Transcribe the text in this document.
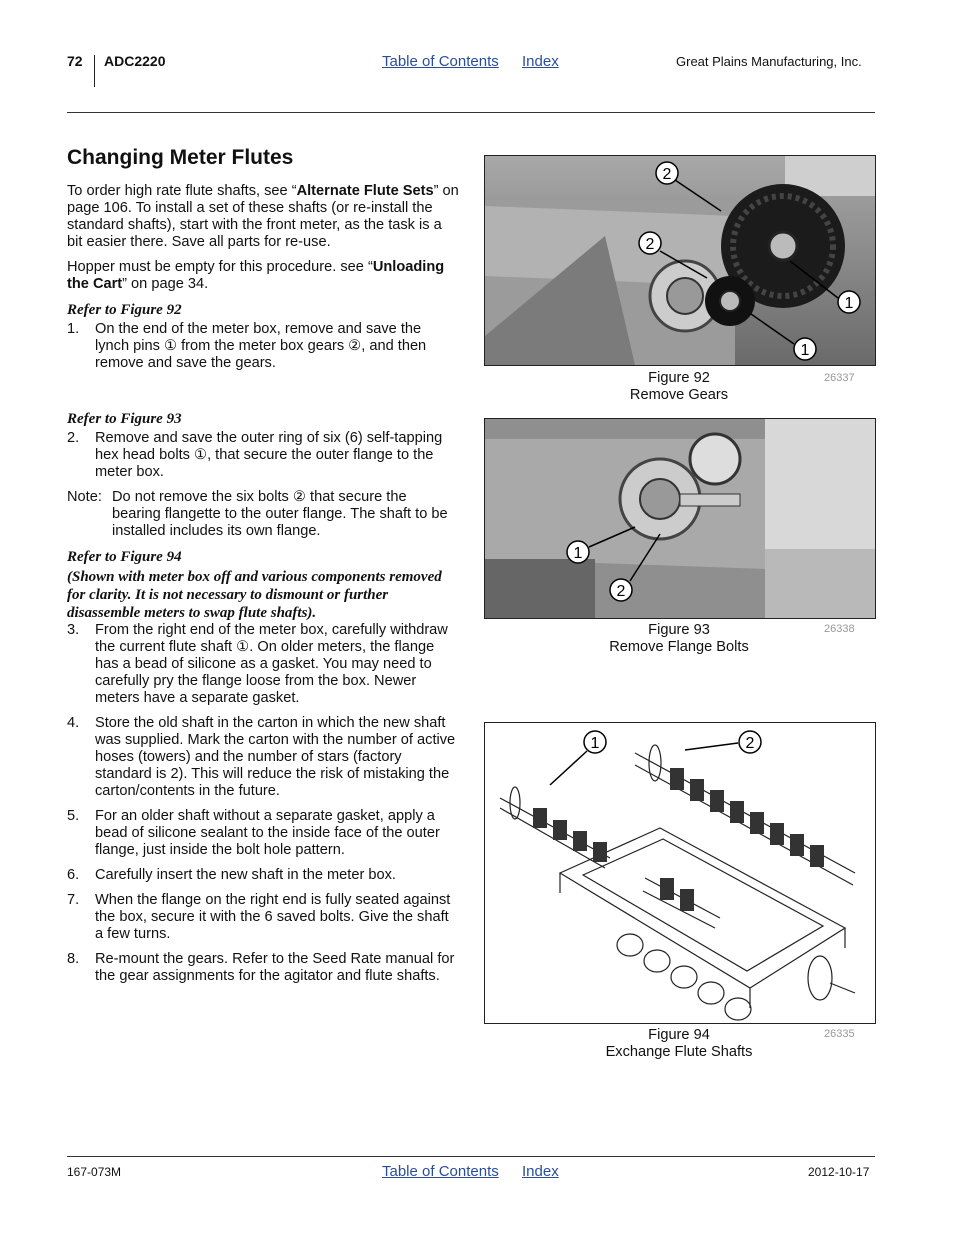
72 ADC2220	Table of Contents Index	Great Plains Manufacturing, Inc.
Changing Meter Flutes

To order high rate flute shafts, see “Alternate Flute Sets” on page 106. To install a set of these shafts (or re-install the standard shafts), start with the front meter, as the task is a bit easier there. Save all parts for re-use.

Hopper must be empty for this procedure. see “Unloading the Cart” on page 34.

Refer to Figure 92
1. On the end of the meter box, remove and save the lynch pins ① from the meter box gears ②, and then remove and save the gears.
Refer to Figure 93
2. Remove and save the outer ring of six (6) self-tapping hex head bolts ①, that secure the outer flange to the meter box.
Note: Do not remove the six bolts ② that secure the bearing flangette to the outer flange. The shaft to be installed includes its own flange.
Refer to Figure 94
(Shown with meter box off and various components removed for clarity. It is not necessary to dismount or further disassemble meters to swap flute shafts).
3. From the right end of the meter box, carefully withdraw the current flute shaft ①. On older meters, the flange has a bead of silicone as a gasket. You may need to carefully pry the flange loose from the box. Newer meters have a separate gasket.
4. Store the old shaft in the carton in which the new shaft was supplied. Mark the carton with the number of active hoses (towers) and the number of stars (factory standard is 2). This will reduce the risk of mistaking the carton/contents in the future.
5. For an older shaft without a separate gasket, apply a bead of silicone sealant to the inside face of the outer flange, just inside the bolt hole pattern.
6. Carefully insert the new shaft in the meter box.
7. When the flange on the right end is fully seated against the box, secure it with the 6 saved bolts. Give the shaft a few turns.
8. Re-mount the gears. Refer to the Seed Rate manual for the gear assignments for the agitator and flute shafts.
2
2
1
1
Figure 92
Remove Gears
26337
1
2
Figure 93
Remove Flange Bolts
26338
1	2
Figure 94
Exchange Flute Shafts
26335
167-073M	Table of Contents Index	2012-10-17
